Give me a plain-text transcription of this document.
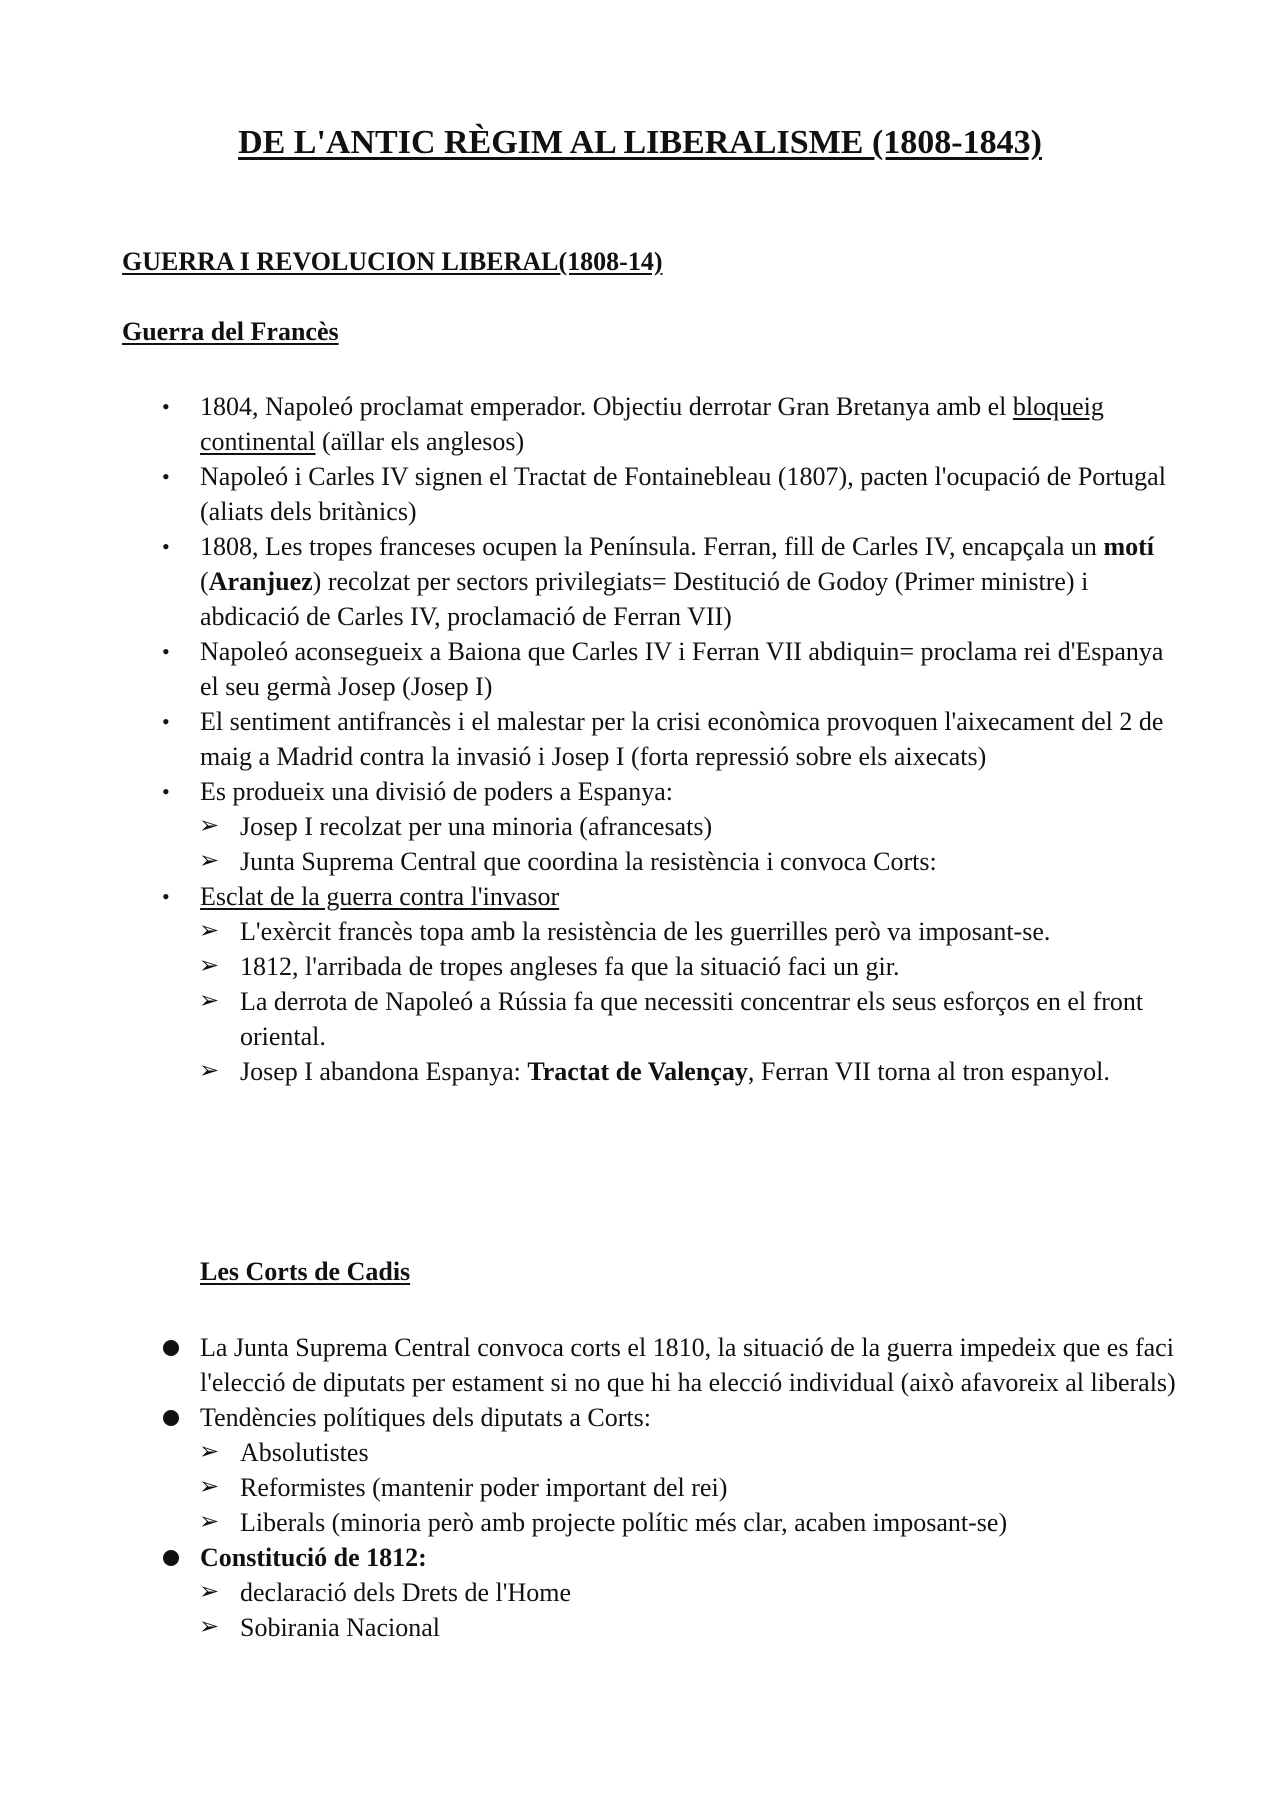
DE L'ANTIC RÈGIM AL LIBERALISME (1808-1843)
GUERRA I REVOLUCION LIBERAL(1808-14)
Guerra del Francès
• 1804, Napoleó proclamat emperador. Objectiu derrotar Gran Bretanya amb el bloqueig continental (aïllar els anglesos)
• Napoleó i Carles IV signen el Tractat de Fontainebleau (1807), pacten l'ocupació de Portugal (aliats dels britànics)
• 1808, Les tropes franceses ocupen la Península. Ferran, fill de Carles IV, encapçala un motí (Aranjuez) recolzat per sectors privilegiats= Destitució de Godoy (Primer ministre) i abdicació de Carles IV, proclamació de Ferran VII)
• Napoleó aconsegueix a Baiona que Carles IV i Ferran VII abdiquin= proclama rei d'Espanya el seu germà Josep (Josep I)
• El sentiment antifrancès i el malestar per la crisi econòmica provoquen l'aixecament del 2 de maig a Madrid contra la invasió i Josep I (forta repressió sobre els aixecats)
• Es produeix una divisió de poders a Espanya:
➢ Josep I recolzat per una minoria (afrancesats)
➢ Junta Suprema Central que coordina la resistència i convoca Corts:
• Esclat de la guerra contra l'invasor
➢ L'exèrcit francès topa amb la resistència de les guerrilles però va imposant-se.
➢ 1812, l'arribada de tropes angleses fa que la situació faci un gir.
➢ La derrota de Napoleó a Rússia fa que necessiti concentrar els seus esforços en el front oriental.
➢ Josep I abandona Espanya: Tractat de Valençay, Ferran VII torna al tron espanyol.
Les Corts de Cadis
La Junta Suprema Central convoca corts el 1810, la situació de la guerra impedeix que es faci l'elecció de diputats per estament si no que hi ha elecció individual (això afavoreix al liberals)
Tendències polítiques dels diputats a Corts:
➢ Absolutistes
➢ Reformistes (mantenir poder important del rei)
➢ Liberals (minoria però amb projecte polític més clar, acaben imposant-se)
Constitució de 1812:
➢ declaració dels Drets de l'Home
➢ Sobirania Nacional
